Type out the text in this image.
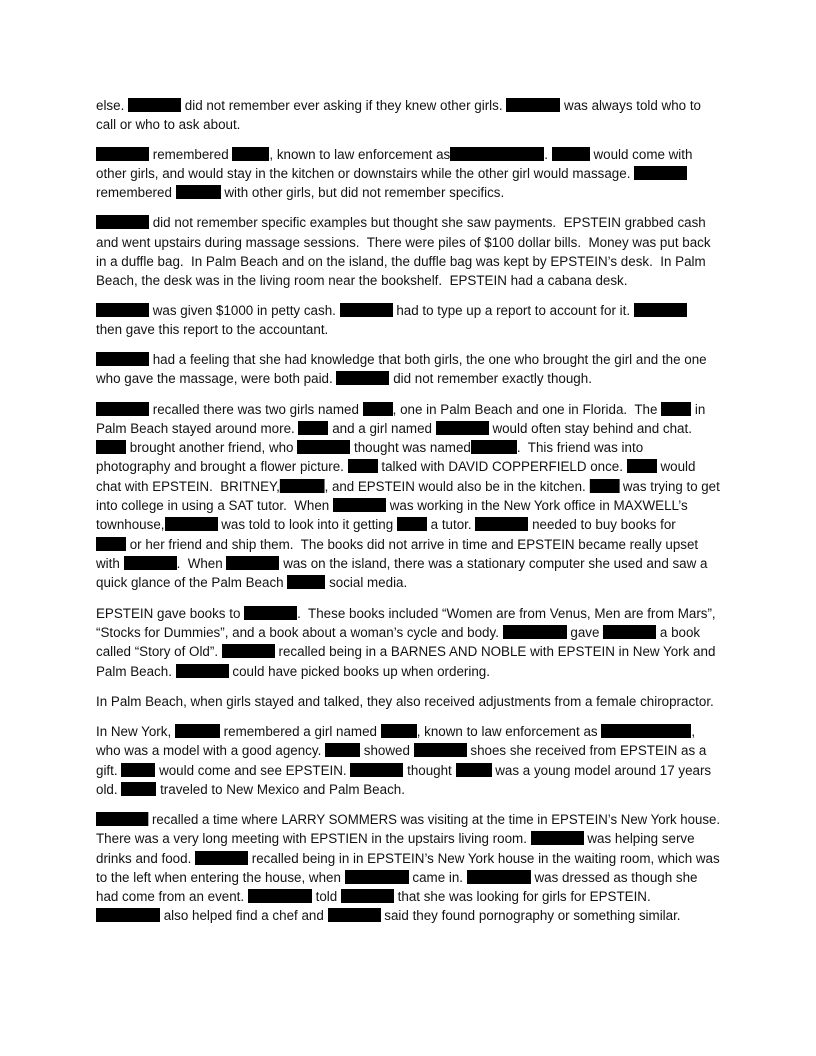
else.	did not remember ever asking if they knew other girls.	was always told who to
call or who to ask about.
remembered	, known to law enforcement as	.	would come with
other girls, and would stay in the kitchen or downstairs while the other girl would massage.
remembered	with other girls, but did not remember specifics.
did not remember specific examples but thought she saw payments.  EPSTEIN grabbed cash
and went upstairs during massage sessions.  There were piles of $100 dollar bills.  Money was put back
in a duffle bag.  In Palm Beach and on the island, the duffle bag was kept by EPSTEIN’s desk.  In Palm
Beach, the desk was in the living room near the bookshelf.  EPSTEIN had a cabana desk.
was given $1000 in petty cash.	had to type up a report to account for it.
then gave this report to the accountant.
had a feeling that she had knowledge that both girls, the one who brought the girl and the one
who gave the massage, were both paid.	did not remember exactly though.
recalled there was two girls named	, one in Palm Beach and one in Florida.  The	in
Palm Beach stayed around more.	and a girl named	would often stay behind and chat.
brought another friend, who	thought was named	.  This friend was into
photography and brought a flower picture.	talked with DAVID COPPERFIELD once.	would
chat with EPSTEIN.  BRITNEY,	, and EPSTEIN would also be in the kitchen.	was trying to get
into college in using a SAT tutor.  When	was working in the New York office in MAXWELL’s
townhouse,	was told to look into it getting	a tutor.	needed to buy books for
or her friend and ship them.  The books did not arrive in time and EPSTEIN became really upset
with	.  When	was on the island, there was a stationary computer she used and saw a
quick glance of the Palm Beach	social media.
EPSTEIN gave books to	.  These books included “Women are from Venus, Men are from Mars”,
“Stocks for Dummies”, and a book about a woman’s cycle and body.	gave	a book
called “Story of Old”.	recalled being in a BARNES AND NOBLE with EPSTEIN in New York and
Palm Beach.	could have picked books up when ordering.
In Palm Beach, when girls stayed and talked, they also received adjustments from a female chiropractor.
In New York,	remembered a girl named	, known to law enforcement as	,
who was a model with a good agency.	showed	shoes she received from EPSTEIN as a
gift.	would come and see EPSTEIN.	thought	was a young model around 17 years
old.	traveled to New Mexico and Palm Beach.
recalled a time where LARRY SOMMERS was visiting at the time in EPSTEIN’s New York house.
There was a very long meeting with EPSTIEN in the upstairs living room.	was helping serve
drinks and food.	recalled being in in EPSTEIN’s New York house in the waiting room, which was
to the left when entering the house, when	came in.	was dressed as though she
had come from an event.	told	that she was looking for girls for EPSTEIN.
also helped find a chef and	said they found pornography or something similar.
